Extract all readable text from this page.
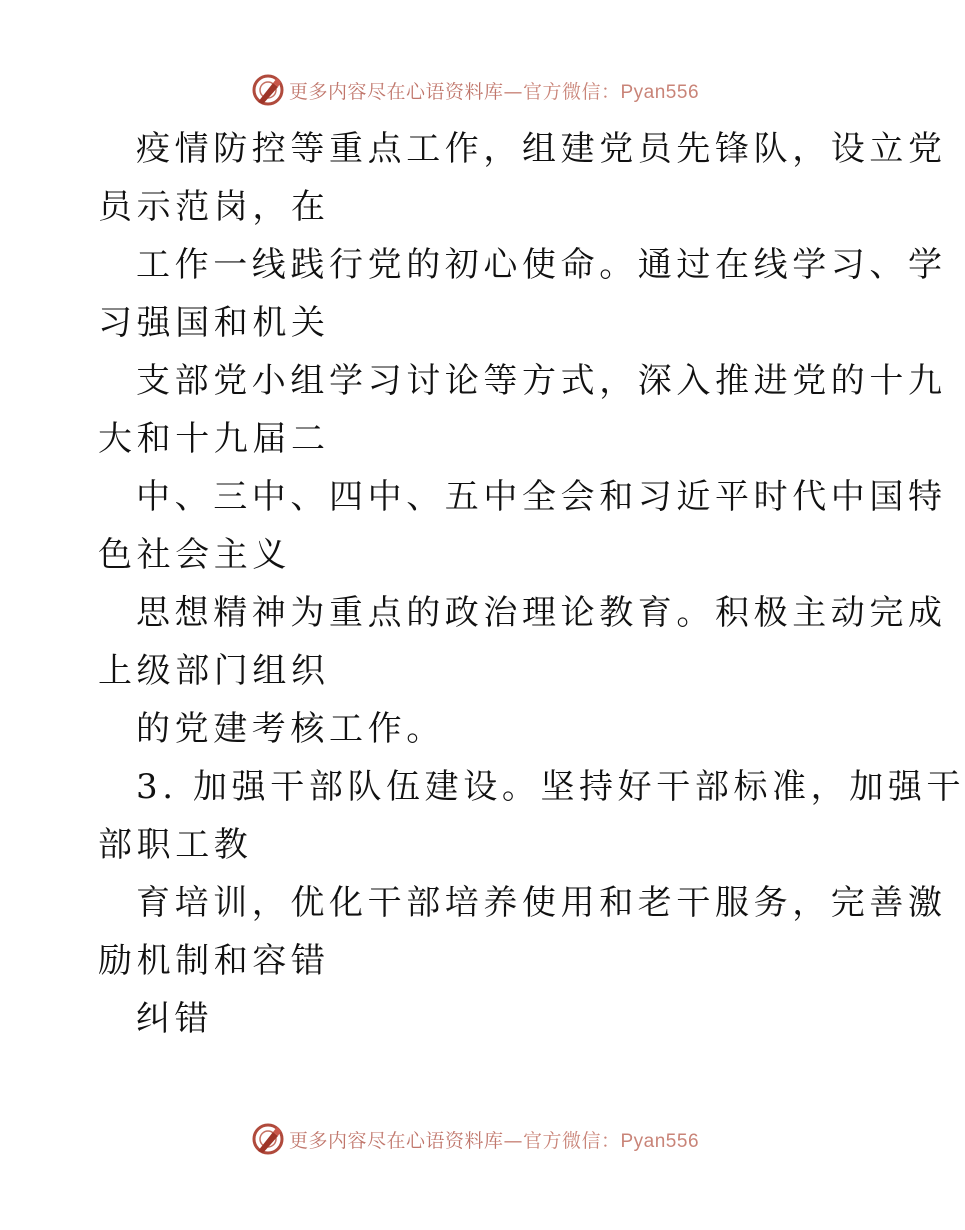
更多内容尽在心语资料库—官方微信：Pyan556

疫情防控等重点工作，组建党员先锋队，设立党

员示范岗，在

工作一线践行党的初心使命。通过在线学习、学

习强国和机关

支部党小组学习讨论等方式，深入推进党的十九

大和十九届二

中、三中、四中、五中全会和习近平时代中国特

色社会主义

思想精神为重点的政治理论教育。积极主动完成

上级部门组织

的党建考核工作。

3. 加强干部队伍建设。坚持好干部标准，加强干

部职工教

育培训，优化干部培养使用和老干服务，完善激

励机制和容错

纠错

更多内容尽在心语资料库—官方微信：Pyan556
